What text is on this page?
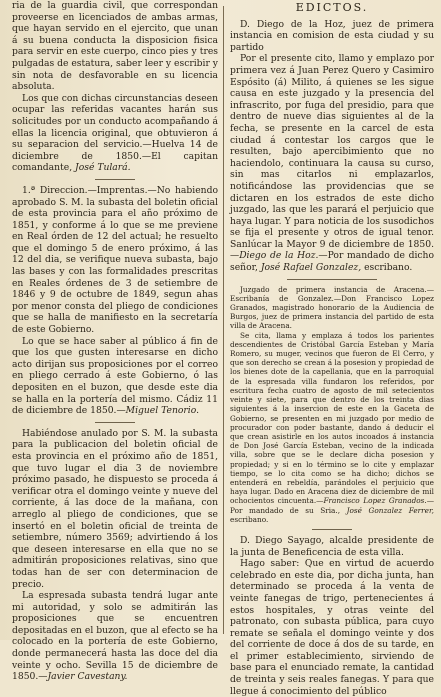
ria de la guardia civil, que correspondan proveerse en licenciados de ambas armas, que hayan servido en el ejercito, que unan á su buena conducta la disposicion fisica para servir en este cuerpo, cinco pies y tres pulgadas de estatura, saber leer y escribir y sin nota de desfavorable en su licencia absoluta.

Los que con dichas circunstancias deseen ocupar las referidas vacantes harán sus solicitudes por un conducto acompañando á ellas la licencia original, que obtuvieron á su separacion del servicio.—Huelva 14 de diciembre de 1850.—El capitan comandante, José Tulará.

1.ª Direccion.—Imprentas.—No habiendo aprobado S. M. la subasta del boletin oficial de esta provincia para el año próximo de 1851, y conforme á lo que se me previene en Real órden de 12 del actual; he resuelto que el domingo 5 de enero próximo, á las 12 del dia, se verifique nueva subasta, bajo las bases y con las formalidades prescritas en Reales órdenes de 3 de setiembre de 1846 y 9 de octubre de 1849, segun ahas por menor consta del pliego de condiciones que se halla de manifiesto en la secretaría de este Gobierno.

Lo que se hace saber al público á fin de que los que gusten interesarse en dicho acto dirijan sus proposiciones por el correo en pliego cerrado á este Gobierno, ó las depositen en el buzon, que desde este dia se halla en la portería del mismo. Cádiz 11 de diciembre de 1850.—Miguel Tenorio.

Habiéndose anulado por S. M. la subasta para la publicacion del boletin oficial de esta provincia en el próximo año de 1851, que tuvo lugar el dia 3 de noviembre próximo pasado, he dispuesto se proceda á verificar otra el domingo veinte y nueve del corriente, á las doce de la mañana, con arreglo al pliego de condiciones, que se insertó en el boletin oficial de treinta de setiembre, número 3569; advirtiendo á los que deseen interesarse en ella que no se admitirán proposiciones relativas, sino que todas han de ser con determinacion de precio.

La espresada subasta tendrá lugar ante mi autoridad, y solo se admitirán las proposiciones que se encuentren depositadas en el buzon, que al efecto se ha colocado en la portería de este Gobierno, donde permanecerá hasta las doce del dia veinte y ocho. Sevilla 15 de diciembre de 1850.—Javier Cavestany.

EDICTOS.

D. Diego de la Hoz, juez de primera instancia en comision de esta ciudad y su partido

Por el presente cito, llamo y emplazo por primera vez á Juan Perez Quero y Casimiro Espósito (á) Milito, á quienes se les sigue causa en este juzgado y la presencia del infrascrito, por fuga del presidio, para que dentro de nueve dias siguientes al de la fecha, se presente en la carcel de esta ciudad á contestar los cargos que le resulten, bajo apercibimiento que no haciendolo, continuara la causa su curso, sin mas citarlos ni emplazarlos, notificándose las providencias que se dictaren en los estrados de este dicho juzgado, las que les parará el perjuicio que haya lugar. Y para noticia de los susodichos se fija el presente y otros de igual tenor. Sanlúcar la Mayor 9 de diciembre de 1850.—Diego de la Hoz.—Por mandado de dicho señor, José Rafael Gonzalez, escribano.

Juzgado de primera instancia de Aracena.—Escribanía de Gonzalez.—Don Francisco Lopez Granados, magistrado honorario de la Audiencia de Burgos, juez de primera instancia del partido de esta villa de Aracena.

Se cita, llama y emplaza á todos los parientes descendientes de Cristóbal García Esteban y María Romero, su muger, vecinos que fueron de El Cerro, y que son derecho se crean á la posesion y propiedad de los bienes dote de la capellania, que en la parroquial de la espresada villa fundaron los referidos, por escritura fecha cuatro de agosto de mil setecientos veinte y siete, para que dentro de los treinta dias siguientes á la insercion de este en la Gaceta de Gobierno, se presenten en mi juzgado por medio de procurador con poder bastante, dando á deducir el que crean asistirle en los autos incoados á instancia de Don José García Esteban, vecino de la indicada villa, sobre que se le declare dicha posesion y propiedad; y si en lo término se lo cite y emplazar tiempo, se lo cita como se ha dicho; dichos se entenderá en rebeldía, parándoles el perjuicio que haya lugar. Dado en Aracena diez de diciembre de mil ochocientos cincuenta.—Francisco Lopez Granados.—Por mandado de su Sria., José Gonzalez Ferrer, escribano.

D. Diego Sayago, alcalde presidente de la junta de Beneficencia de esta villa.

Hago saber: Que en virtud de acuerdo celebrado en este dia, por dicha junta, han determinado se proceda á la venta de veinte fanegas de trigo, pertenecientes á estos hospitales, y otras veinte del patronato, con subasta pública, para cuyo remate se señala el domingo veinte y dos del corriente de doce á dos de su tarde, en el primer establecimiento, sirviendo de base para el enunciado remate, la cantidad de treinta y seis reales fanegas. Y para que llegue á conocimiento del público
